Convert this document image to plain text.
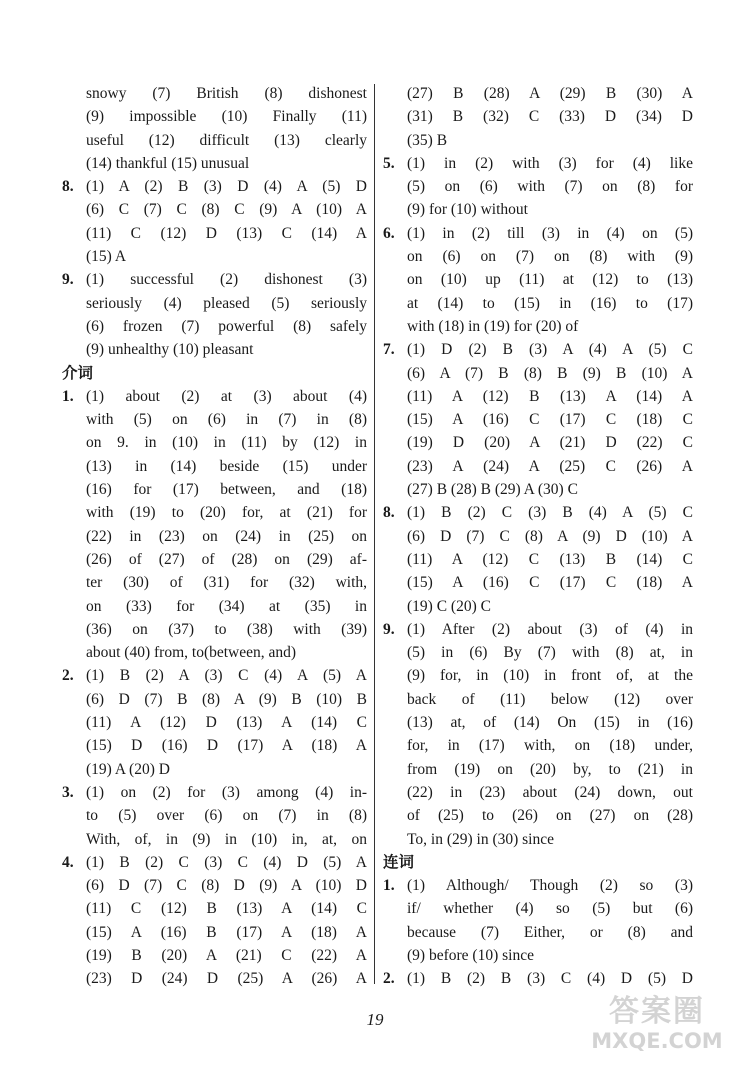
snowy (7) British (8) dishonest
(9) impossible (10) Finally (11)
useful (12) difficult (13) clearly
(14) thankful (15) unusual
8. (1) A (2) B (3) D (4) A (5) D
(6) C (7) C (8) C (9) A (10) A
(11) C (12) D (13) C (14) A
(15) A
9. (1) successful (2) dishonest (3)
seriously (4) pleased (5) seriously
(6) frozen (7) powerful (8) safely
(9) unhealthy (10) pleasant
介词
1. (1) about (2) at (3) about (4)
with (5) on (6) in (7) in (8)
on 9. in (10) in (11) by (12) in
(13) in (14) beside (15) under
(16) for (17) between, and (18)
with (19) to (20) for, at (21) for
(22) in (23) on (24) in (25) on
(26) of (27) of (28) on (29) af-
ter (30) of (31) for (32) with,
on (33) for (34) at (35) in
(36) on (37) to (38) with (39)
about (40) from, to(between, and)
2. (1) B (2) A (3) C (4) A (5) A
(6) D (7) B (8) A (9) B (10) B
(11) A (12) D (13) A (14) C
(15) D (16) D (17) A (18) A
(19) A (20) D
3. (1) on (2) for (3) among (4) in-
to (5) over (6) on (7) in (8)
With, of, in (9) in (10) in, at, on
4. (1) B (2) C (3) C (4) D (5) A
(6) D (7) C (8) D (9) A (10) D
(11) C (12) B (13) A (14) C
(15) A (16) B (17) A (18) A
(19) B (20) A (21) C (22) A
(23) D (24) D (25) A (26) A
(27) B (28) A (29) B (30) A
(31) B (32) C (33) D (34) D
(35) B
5. (1) in (2) with (3) for (4) like
(5) on (6) with (7) on (8) for
(9) for (10) without
6. (1) in (2) till (3) in (4) on (5)
on (6) on (7) on (8) with (9)
on (10) up (11) at (12) to (13)
at (14) to (15) in (16) to (17)
with (18) in (19) for (20) of
7. (1) D (2) B (3) A (4) A (5) C
(6) A (7) B (8) B (9) B (10) A
(11) A (12) B (13) A (14) A
(15) A (16) C (17) C (18) C
(19) D (20) A (21) D (22) C
(23) A (24) A (25) C (26) A
(27) B (28) B (29) A (30) C
8. (1) B (2) C (3) B (4) A (5) C
(6) D (7) C (8) A (9) D (10) A
(11) A (12) C (13) B (14) C
(15) A (16) C (17) C (18) A
(19) C (20) C
9. (1) After (2) about (3) of (4) in
(5) in (6) By (7) with (8) at, in
(9) for, in (10) in front of, at the
back of (11) below (12) over
(13) at, of (14) On (15) in (16)
for, in (17) with, on (18) under,
from (19) on (20) by, to (21) in
(22) in (23) about (24) down, out
of (25) to (26) on (27) on (28)
To, in (29) in (30) since
连词
1. (1) Although/ Though (2) so (3)
if/ whether (4) so (5) but (6)
because (7) Either, or (8) and
(9) before (10) since
2. (1) B (2) B (3) C (4) D (5) D
19	答案圈
MXQE.COM
